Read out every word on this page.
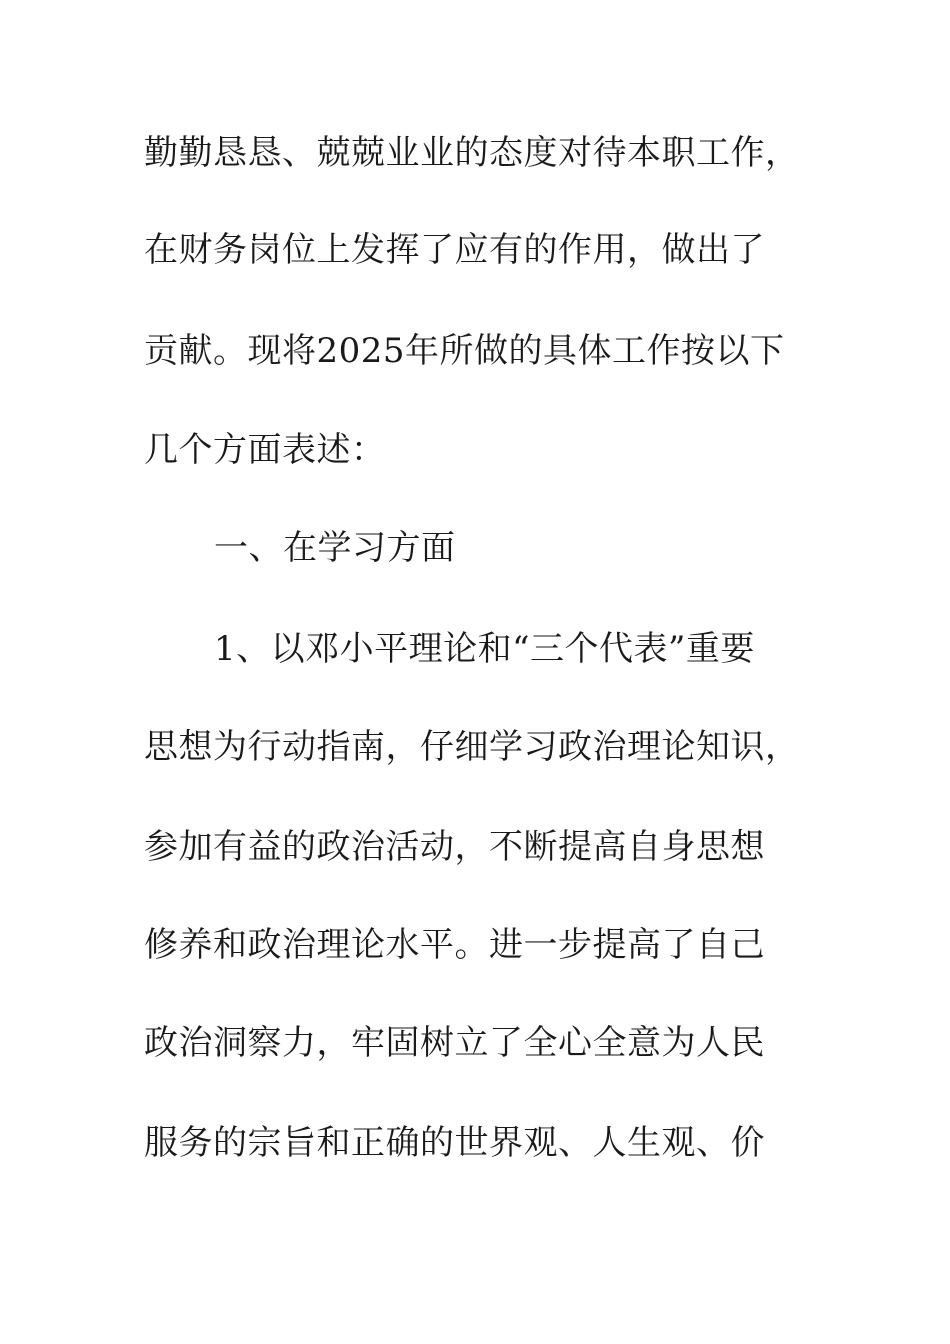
勤勤恳恳、兢兢业业的态度对待本职工作，
在财务岗位上发挥了应有的作用，做出了
贡献。现将2025年所做的具体工作按以下
几个方面表述：
一、在学习方面
1、以邓小平理论和“三个代表”重要
思想为行动指南，仔细学习政治理论知识，
参加有益的政治活动，不断提高自身思想
修养和政治理论水平。进一步提高了自己
政治洞察力，牢固树立了全心全意为人民
服务的宗旨和正确的世界观、人生观、价
